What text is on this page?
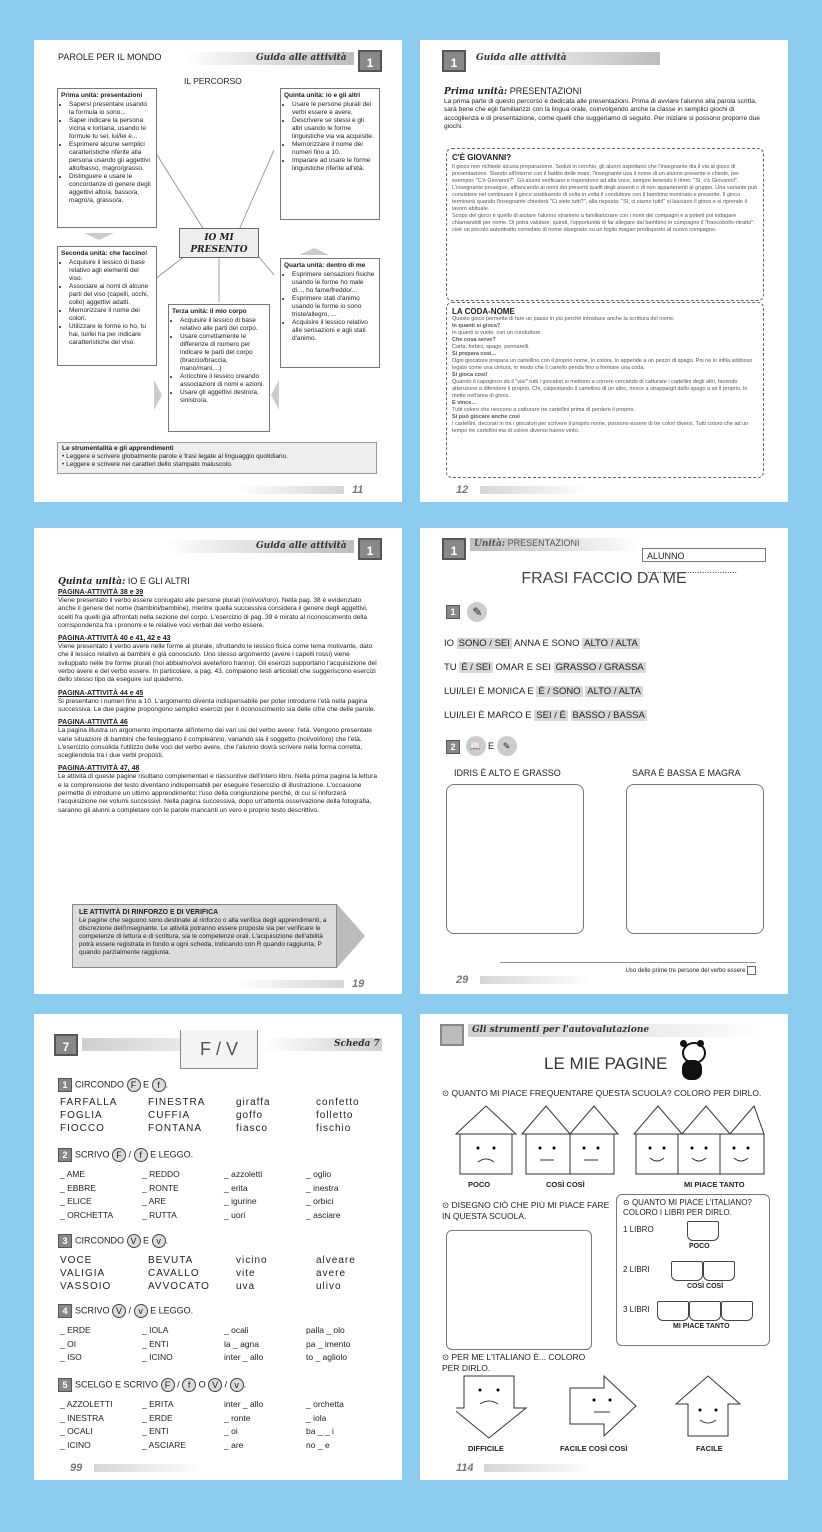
PAROLE PER IL MONDO	Guida alle attività	1
IL PERCORSO
Prima unità: presentazioni
• Sapersi presentare usando la formula io sono...
• Saper indicare la persona vicina e lontana, usando le formule tu sei, lui/lei è...
• Esprimere alcune semplici caratteristiche riferite alla persona usando gli aggettivi alto/basso, magro/grasso.
• Distinguere e usare le concordanze di genere degli aggettivi alto/a, basso/a, magro/a, grasso/a.
Quinta unità: io e gli altri
• Usare le persone plurali dei verbi essere e avere.
• Descrivere se stessi e gli altri usando le forme linguistiche via via acquisite.
• Memorizzare il nome dei numeri fino a 10.
• Imparare ad usare le forme linguistiche riferite all'età.
IO MI PRESENTO
Seconda unità: che faccino!
• Acquisire il lessico di base relativo agli elementi del viso.
• Associare ai nomi di alcune parti del viso (capelli, occhi, collo) aggettivi adatti.
• Memorizzare il nome dei colori.
• Utilizzare le forme io ho, tu hai, lui/lei ha per indicare caratteristiche del viso.
Quarta unità: dentro di me
• Esprimere sensazioni fisiche usando le forme ho male di..., ho fame/freddo/...
• Esprimere stati d'animo usando le forme io sono triste/allegro, ...
• Acquisire il lessico relativo alle sensazioni e agli stati d'animo.
Terza unità: il mio corpo
• Acquisire il lessico di base relativo alle parti del corpo.
• Usare correttamente le differenze di numero per indicare le parti del corpo (braccio/braccia, mano/mani,...)
• Arricchire il lessico creando associazioni di nomi e azioni.
• Usare gli aggettivi destro/a, sinistro/a.
Le strumentalità e gli apprendimenti
• Leggere e scrivere globalmente parole e frasi legate al linguaggio quotidiano.
• Leggere e scrivere nei caratteri dello stampato maiuscolo.
11
1	Guida alle attività
Prima unità: PRESENTAZIONI
La prima parte di questo percorso è dedicata alle presentazioni. Prima di avviare l'alunno alla parola scritta, sarà bene che egli familiarizzi con la lingua orale, coinvolgendo anche la classe in semplici giochi di accoglienza e di presentazione, come quelli che suggeriamo di seguito. Per iniziare si possono proporre due giochi.
C'È GIOVANNI?
Il gioco non richiede alcuna preparazione. Seduti in cerchio, gli alunni aspettano che l'insegnante dia il via al gioco di presentazione. Stando all'interno con il battito delle mani, l'insegnante usa il nome di un alunno presente e chiede, per esempio: "C'è Giovanni?". Gli alunni verificano e rispondono ad alta voce, sempre tenendo il ritmo: "Sì, c'è Giovanni!". L'insegnante prosegue, affiancando ai nomi dei presenti quelli degli assenti o di non appartenenti al gruppo. Una variante può consistere nel continuare il gioco sostituendo di volta in volta il conduttore con il bambino nominato e presente. Il gioco terminerà quando l'insegnante chiederà "Ci siete tutti?", alla risposta: "Sì, ci siamo tutti!" si lasciano il gioco e si riprende il lavoro abituale.
Scopo del gioco è quello di aiutare l'alunno straniero a familiarizzare con i nomi dei compagni e a poterli poi indagare chiamandoli per nome. Di potrà valutare, quindi, l'opportunità di far allegare dal bambino in compagno il "francobollo-ritratto": cioè un piccolo autoritratto corredato di nome disegnato su un foglio magari predisposto al nuovo compagno.
LA CODA-NOME
Questo gioco permette di fare un passo in più perché introduce anche la scrittura del nome.
In quanti si gioca?
In quanti si vuole, con un conduttore.
Che cosa serve?
Carta, forbici, spago, pennarelli.
Si prepara così...
Ogni giocatore prepara un cartellino con il proprio nome, lo colora, lo appende a un pezzo di spago. Poi ne lo infila addosso legato come una cintura, in modo che il cartello penda fino a formare una coda.
Si gioca così!
Quando il capogioco dà il "via!" tutti i giocatori si mettono a correre cercando di catturare i cartellini degli altri, facendo attenzione a difendere il proprio. Chi, calpestando il cartellino di un altro, riesce a strappargli dallo spago a sé il proprio, lo mette nell'area di gioco.
E vince...
Tutti coloro che riescono a catturare tre cartellini prima di perdere il proprio.
Si può giocare anche così
I cartellini, decorati in tra i giocatori per scrivere il proprio nome, possono essere di tre colori diversi. Tutti coloro che ad un tempo tre cartellini ma di colore diverso hanno vinto.
12
Guida alle attività	1
Quinta unità: IO E GLI ALTRI
PAGINA-ATTIVITÀ 38 e 39
Viene presentato il verbo essere coniugato alle persone plurali (noi/voi/loro). Nella pag. 38 è evidenziato anche il genere del nome (bambini/bambine), mentre quella successiva considera il genere degli aggettivi, scelti fra quelli già affrontati nella sezione del corpo. L'esercizio di pag. 39 è mirato al riconoscimento della corrispondenza fra i pronomi e le relative voci verbali del verbo essere.
PAGINA-ATTIVITÀ 40 e 41, 42 e 43
Viene presentato il verbo avere nelle forme al plurale, sfruttando le lessico fisica come tema motivante, dato che il lessico relativo ai bambini è già conosciuto. Uno stesso argomento (avere i capelli rossi) viene sviluppato nelle tre forme plurali (noi abbiamo/voi avete/loro hanno). Gli esercizi supportano l'acquisizione del verbo avere e del verbo essere. In particolare, a pag. 43, compaiono testi articolati che suggeriscono esercizi dello stesso tipo da eseguire sul quaderno.
PAGINA-ATTIVITÀ 44 e 45
Si presentano i numeri fino a 10. L'argomento diventa indispensabile per poter introdurre l'età nella pagina successiva. Le due pagine propongono semplici esercizi per il riconoscimento sia delle cifre che delle parole.
PAGINA-ATTIVITÀ 46
La pagina illustra un argomento importante all'interno dei vari usi del verbo avere: l'età. Vengono presentate varie situazioni di bambini che festeggiano il compleanno, variando sia il soggetto (noi/voi/loro) che l'età. L'esercizio consolida l'utilizzo delle voci del verbo avere, che l'alunno dovrà scrivere nella forma corretta, scegliendola tra i due verbi proposti.
PAGINA-ATTIVITÀ 47, 48
Le attività di queste pagine risultano complementari e riassuntive dell'intero libro. Nella prima pagina la lettura e la comprensione del testo diventano indispensabili per eseguire l'esercizio di illustrazione. L'occasione permette di introdurre un ultimo apprendimento: l'uso della congiunzione perché, di cui si rinforzerà l'acquisizione nei volumi successivi. Nella pagina successiva, dopo un'attenta osservazione della fotografia, saranno gli alunni a completare con le parole mancanti un vero e proprio testo descrittivo.
LE ATTIVITÀ DI RINFORZO E DI VERIFICA
Le pagine che seguono sono destinate al rinforzo o alla verifica degli apprendimenti, a discrezione dell'insegnante. Le attività potranno essere proposte sia per verificare le competenze di lettura e di scrittura, sia le competenze orali. L'acquisizione dell'abilità potrà essere registrata in fondo a ogni scheda, indicando con R quando raggiunta, P quando parzialmente raggiunta.
19
1	Unità: PRESENTAZIONI
ALUNNO ....................................
FRASI FACCIO DA ME
1 ✎
IO SONO / SEI ANNA E SONO ALTO / ALTA
TU È / SEI OMAR E SEI GRASSO / GRASSA
LUI/LEI È MONICA E È / SONO ALTO / ALTA
LUI/LEI È MARCO E SEI / È BASSO / BASSA
2 📖 E ✎
IDRIS È ALTO E GRASSO	SARA È BASSA E MAGRA
Uso delle prime tre persone del verbo essere
29
7	Scheda 7
F / V
1 CIRCONDO F E f .
FARFALLA	FINESTRA	giraffa	confetto
FOGLIA	CUFFIA	goffo	folletto
FIOCCO	FONTANA	fiasco	fischio
2 SCRIVO F / f E LEGGO.
_ AME	_ REDDO	_ azzoletti	_ oglio
_ EBBRE	_ RONTE	_ erita	_ inestra
_ ELICE	_ ARE	_ igurine	_ orbici
_ ORCHETTA	_ RUTTA	_ uori	_ asciare
3 CIRCONDO V E v .
VOCE	BEVUTA	vicino	alveare
VALIGIA	CAVALLO	vite	avere
VASSOIO	AVVOCATO	uva	ulivo
4 SCRIVO V / v E LEGGO.
_ ERDE	_ IOLA	_ ocali	palla _ olo
_ OI	_ ENTI	la _ agna	pa _ imento
_ ISO	_ ICINO	inter _ allo	to _ agliolo
5 SCELGO E SCRIVO F / f O V / v .
_ AZZOLETTI	_ ERITA	inter _ allo	_ orchetta
_ INESTRA	_ ERDE	_ ronte	_ iola
_ OCALI	_ ENTI	_ oi	ba _ _ i
_ ICINO	_ ASCIARE	_ are	no _ e
99
Gli strumenti per l'autovalutazione
LE MIE PAGINE
⊙ QUANTO MI PIACE FREQUENTARE QUESTA SCUOLA? COLORO PER DIRLO.
POCO	COSÌ COSÌ	MI PIACE TANTO
⊙ DISEGNO CIÒ CHE PIÙ MI PIACE FARE IN QUESTA SCUOLA.
⊙ QUANTO MI PIACE L'ITALIANO? COLORO I LIBRI PER DIRLO.
1 LIBRO
POCO
2 LIBRI
COSÌ COSÌ
3 LIBRI
MI PIACE TANTO
⊙ PER ME L'ITALIANO È... COLORO PER DIRLO.
DIFFICILE	FACILE COSÌ COSÌ	FACILE
114
